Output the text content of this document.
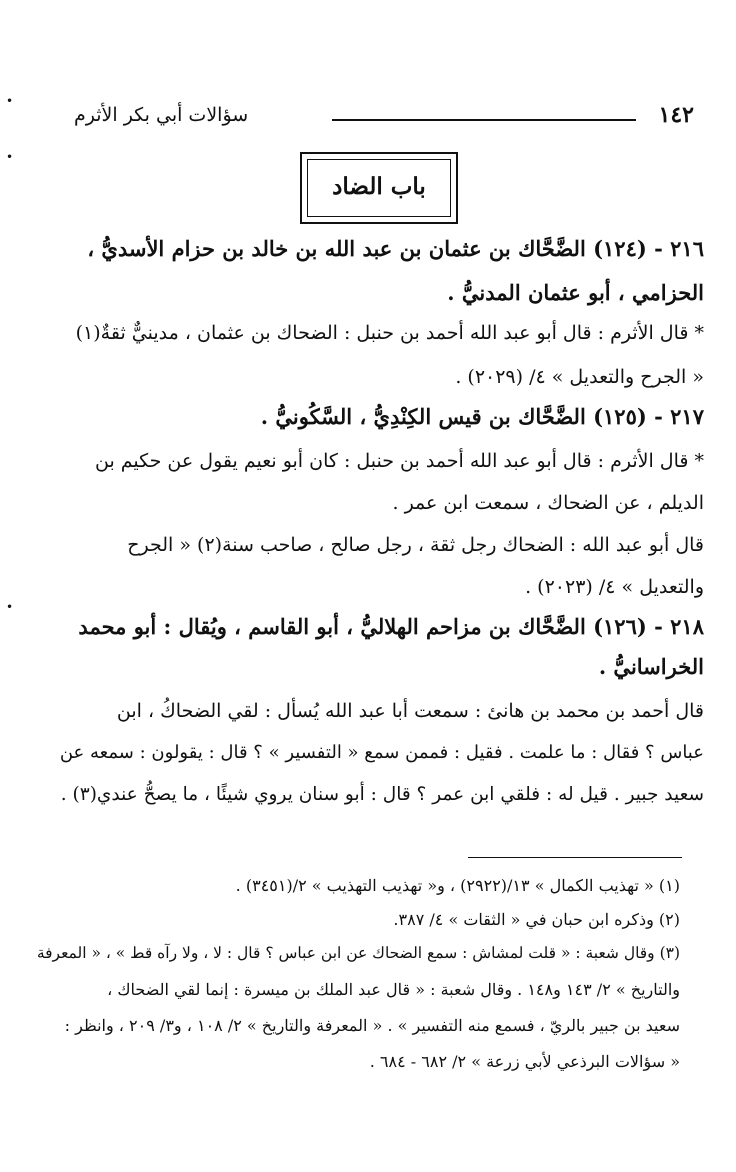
•
•
•
١٤٢
سؤالات أبي بكر الأثرم
باب الضاد
٢١٦ - (١٢٤) الضَّحَّاك بن عثمان بن عبد الله بن خالد بن حزام الأسديُّ ،
الحزامي ، أبو عثمان المدنيُّ .
* قال الأثرم : قال أبو عبد الله أحمد بن حنبل : الضحاك بن عثمان ، مدينيٌّ ثقةٌ(١)
« الجرح والتعديل » ٤/ (٢٠٢٩) .
٢١٧ - (١٢٥) الضَّحَّاك بن قيس الكِنْدِيُّ ، السَّكُونيُّ .
* قال الأثرم : قال أبو عبد الله أحمد بن حنبل : كان أبو نعيم يقول عن حكيم بن
الديلم ، عن الضحاك ، سمعت ابن عمر .
قال أبو عبد الله : الضحاك رجل ثقة ، رجل صالح ، صاحب سنة(٢) « الجرح
والتعديل » ٤/ (٢٠٢٣) .
٢١٨ - (١٢٦) الضَّحَّاك بن مزاحم الهلاليُّ ، أبو القاسم ، ويُقال : أبو محمد
الخراسانيُّ .
قال أحمد بن محمد بن هانئ : سمعت أبا عبد الله يُسأل : لقي الضحاكُ ، ابن
عباس ؟ فقال : ما علمت . فقيل : فممن سمع « التفسير » ؟ قال : يقولون : سمعه عن
سعيد جبير . قيل له : فلقي ابن عمر ؟ قال : أبو سنان يروي شيئًا ، ما يصحُّ عندي(٣) .
(١) « تهذيب الكمال » ١٣/(٢٩٢٢) ، و« تهذيب التهذيب » ٢/(٣٤٥١) .
(٢) وذكره ابن حبان في « الثقات » ٤/ ٣٨٧.
(٣) وقال شعبة : « قلت لمشاش : سمع الضحاك عن ابن عباس ؟ قال : لا ، ولا رآه قط » ، « المعرفة
والتاريخ » ٢/ ١٤٣ و١٤٨ . وقال شعبة : « قال عبد الملك بن ميسرة : إنما لقي الضحاك ،
سعيد بن جبير بالريّ ، فسمع منه التفسير » . « المعرفة والتاريخ » ٢/ ١٠٨ ، و٣/ ٢٠٩ ، وانظر :
« سؤالات البرذعي لأبي زرعة » ٢/ ٦٨٢ - ٦٨٤ .
